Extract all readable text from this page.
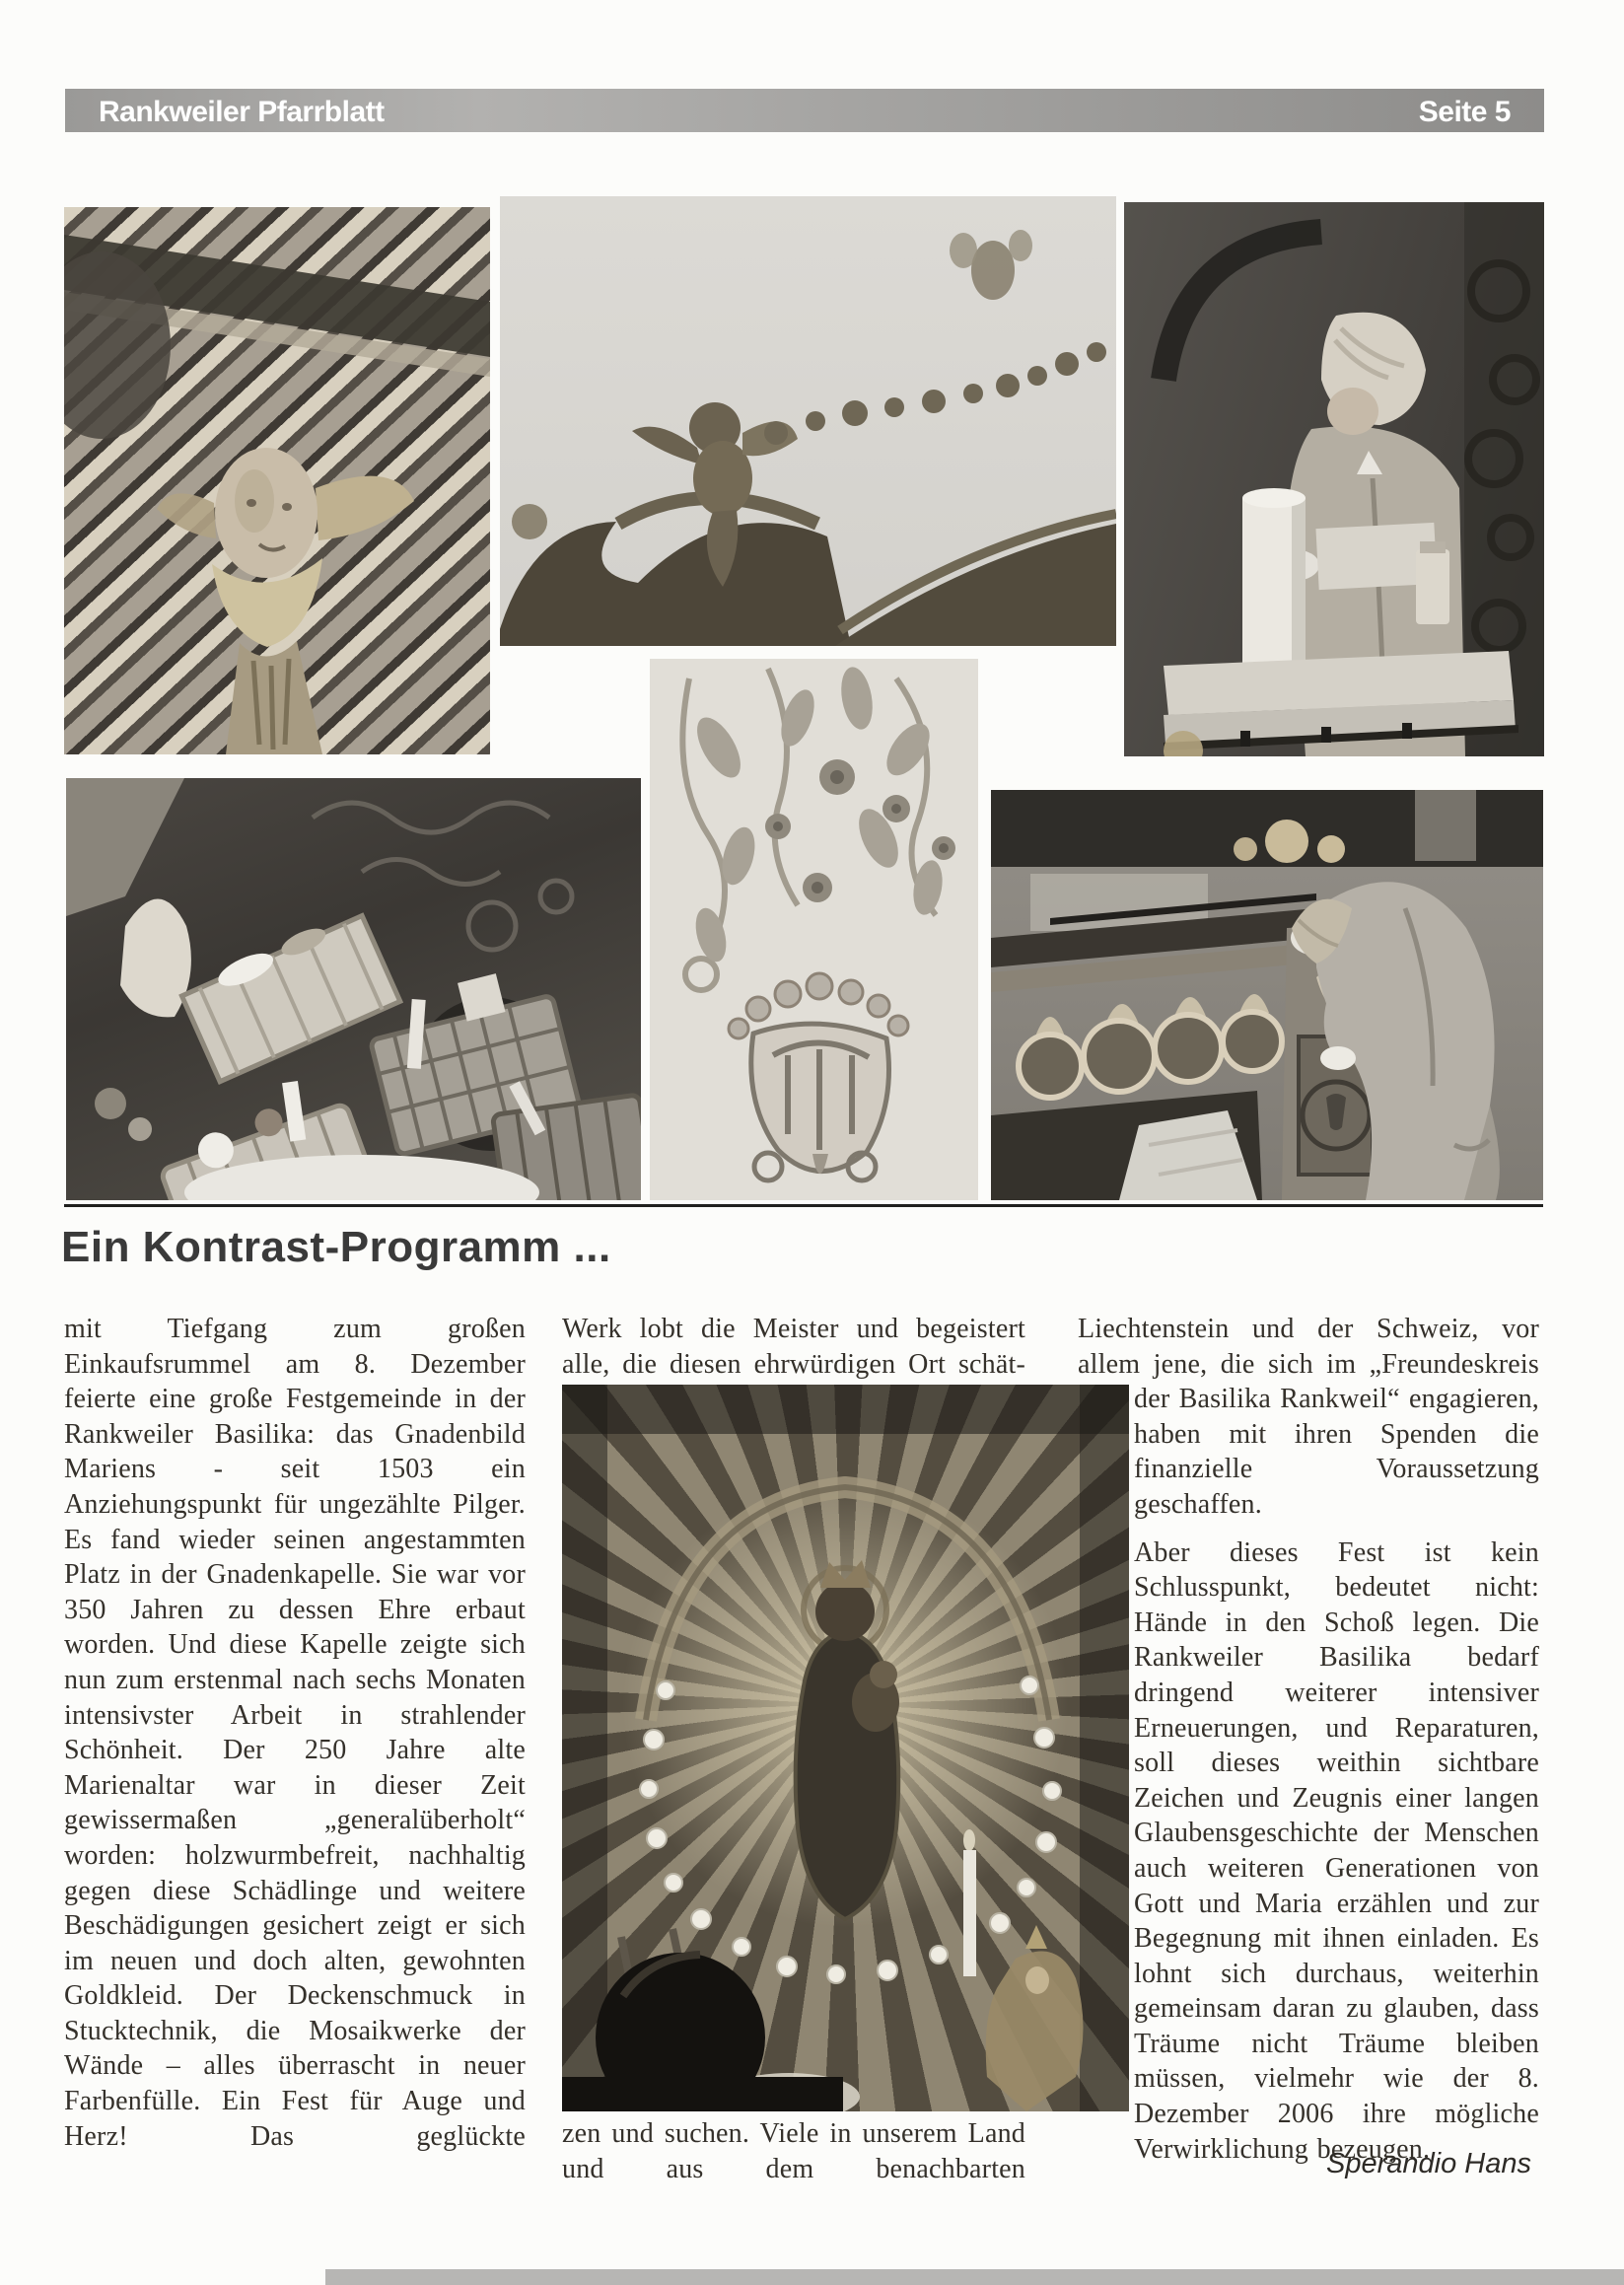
Rankweiler Pfarrblatt	Seite 5
Ein Kontrast-Programm ...

mit Tiefgang zum großen Einkaufsrummel am 8. Dezember feierte eine große Festgemeinde in der Rankweiler Basilika: das Gnadenbild Mariens - seit 1503 ein Anziehungspunkt für ungezählte Pilger. Es fand wieder seinen angestammten Platz in der Gnadenkapelle. Sie war vor 350 Jahren zu dessen Ehre erbaut worden. Und diese Kapelle zeigte sich nun zum erstenmal nach sechs Monaten intensivster Arbeit in strahlender Schönheit. Der 250 Jahre alte Marienaltar war in dieser Zeit gewissermaßen „generalüberholt“ worden: holzwurmbefreit, nachhaltig gegen diese Schädlinge und weitere Beschädigungen gesichert zeigt er sich im neuen und doch alten, gewohnten Goldkleid. Der Deckenschmuck in Stucktechnik, die Mosaikwerke der Wände – alles überrascht in neuer Farbenfülle. Ein Fest für Auge und Herz! Das geglückte

Werk lobt die Meister und begeistert alle, die diesen ehrwürdigen Ort schät-

zen und suchen. Viele in unserem Land und aus dem benachbarten

Liechtenstein und der Schweiz, vor allem jene, die sich im „Freundeskreis

der Basilika Rankweil“ engagieren, haben mit ihren Spenden die finanzielle Voraussetzung geschaffen.

Aber dieses Fest ist kein Schlusspunkt, bedeutet nicht: Hände in den Schoß legen. Die Rankweiler Basilika bedarf dringend weiterer intensiver Erneuerungen, und Reparaturen, soll dieses weithin sichtbare Zeichen und Zeugnis einer langen Glaubensgeschichte der Menschen auch weiteren Generationen von Gott und Maria erzählen und zur Begegnung mit ihnen einladen. Es lohnt sich durchaus, weiterhin gemeinsam daran zu glauben, dass Träume nicht Träume bleiben müssen, vielmehr wie der 8. Dezember 2006 ihre mögliche Verwirklichung bezeugen.

Sperandio Hans
